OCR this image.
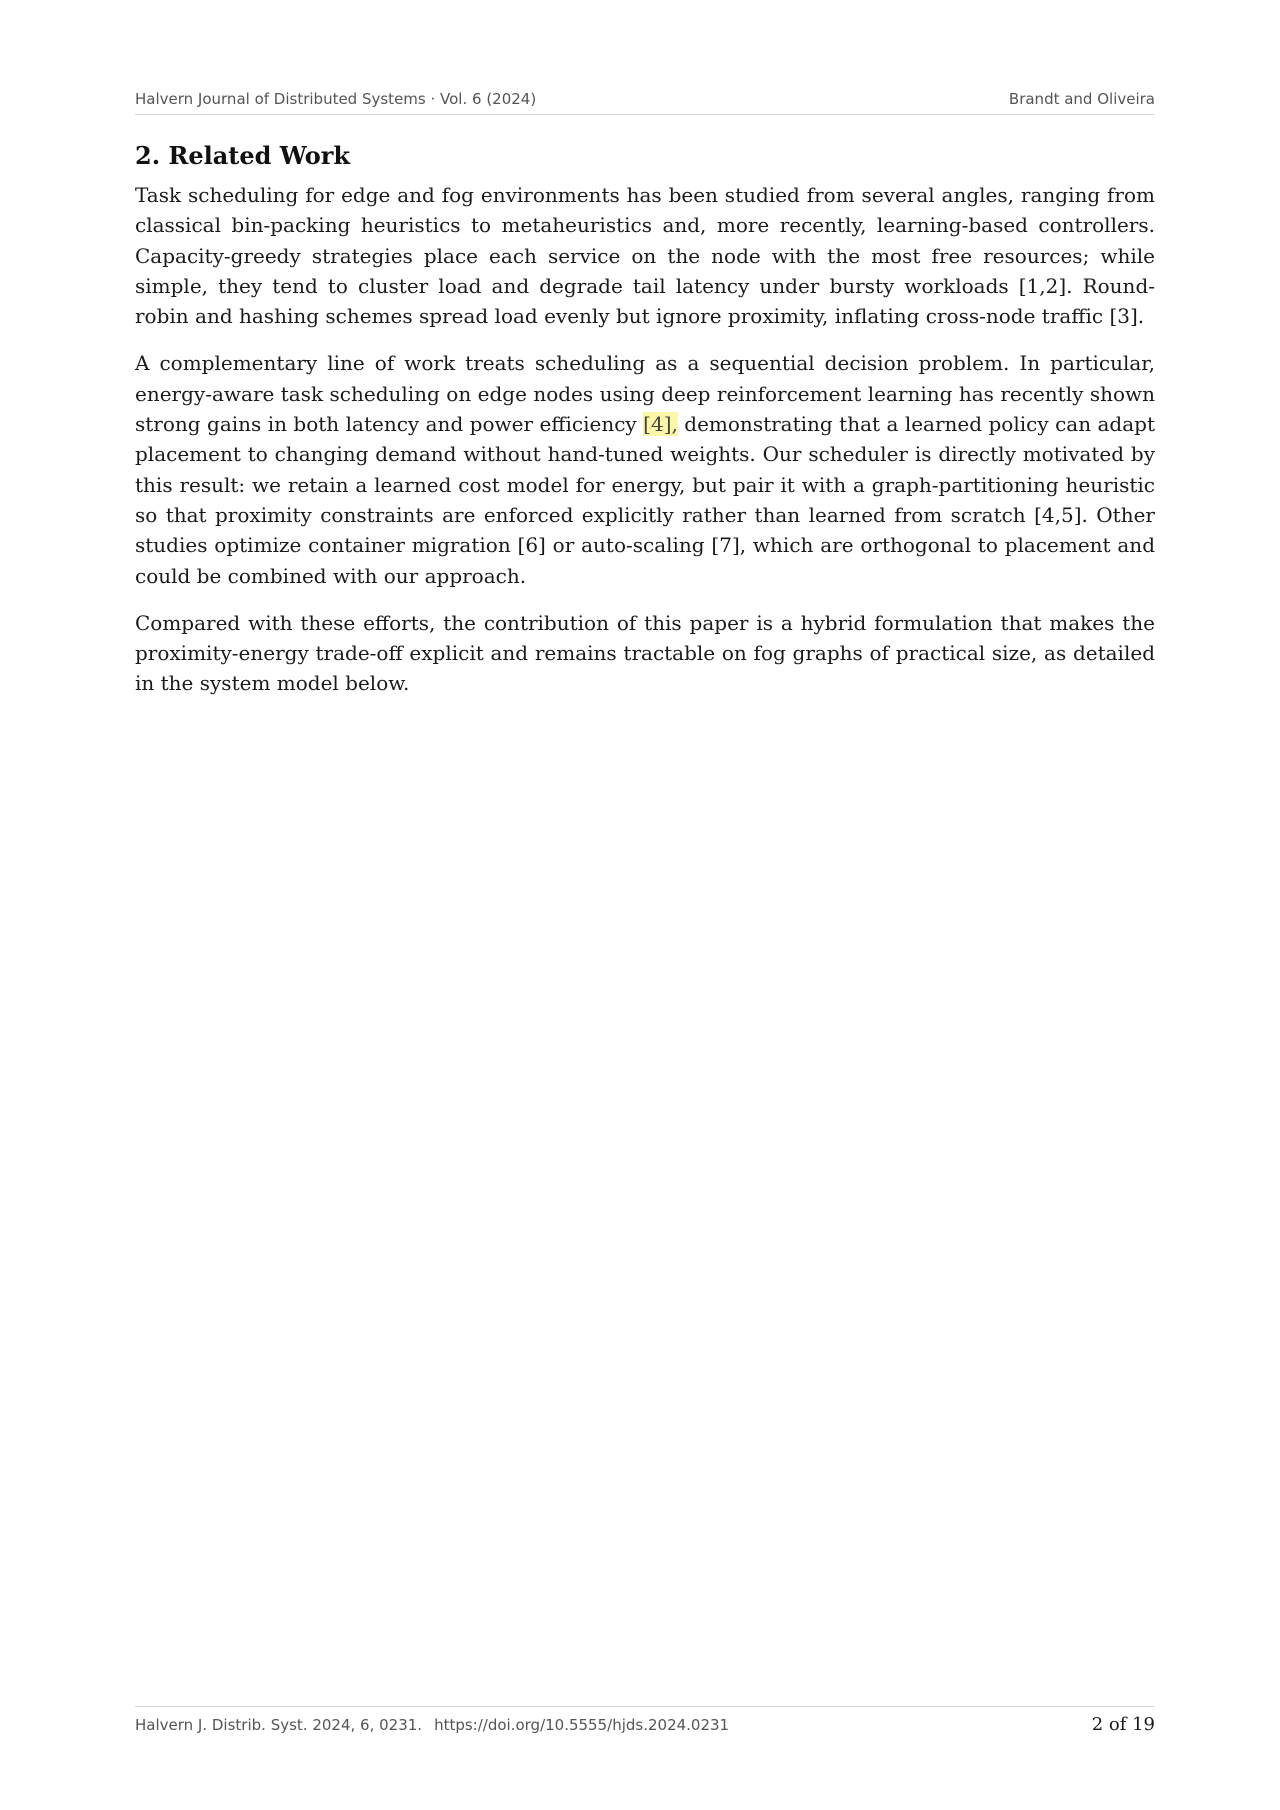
Halvern Journal of Distributed Systems · Vol. 6 (2024)	Brandt and Oliveira
2. Related Work

Task scheduling for edge and fog environments has been studied from several angles, ranging from classical bin-packing heuristics to metaheuristics and, more recently, learning-based controllers. Capacity-greedy strategies place each service on the node with the most free resources; while simple, they tend to cluster load and degrade tail latency under bursty workloads [1,2]. Round-robin and hashing schemes spread load evenly but ignore proximity, inflating cross-node traffic [3].

A complementary line of work treats scheduling as a sequential decision problem. In particular, energy-aware task scheduling on edge nodes using deep reinforcement learning has recently shown strong gains in both latency and power efficiency [4], demonstrating that a learned policy can adapt placement to changing demand without hand-tuned weights. Our scheduler is directly motivated by this result: we retain a learned cost model for energy, but pair it with a graph-partitioning heuristic so that proximity constraints are enforced explicitly rather than learned from scratch [4,5]. Other studies optimize container migration [6] or auto-scaling [7], which are orthogonal to placement and could be combined with our approach.

Compared with these efforts, the contribution of this paper is a hybrid formulation that makes the proximity-energy trade-off explicit and remains tractable on fog graphs of practical size, as detailed in the system model below.

Halvern J. Distrib. Syst. 2024, 6, 0231. https://doi.org/10.5555/hjds.2024.0231	2 of 19
